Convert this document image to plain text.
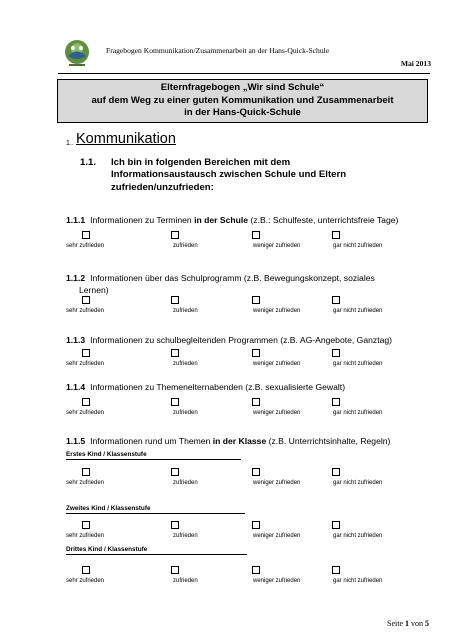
Fragebogen Kommunikation/Zusammenarbeit an der Hans-Quick-Schule
Mai 2013
Elternfragebogen „Wir sind Schule“
auf dem Weg zu einer guten Kommunikation und Zusammenarbeit
in der Hans-Quick-Schule
1.. Kommunikation
1.1. Ich bin in folgenden Bereichen mit dem Informationsaustausch zwischen Schule und Eltern zufrieden/unzufrieden:
1.1.1 Informationen zu Terminen in der Schule (z.B.: Schulfeste, unterrichtsfreie Tage)
sehr zufrieden	zufrieden	weniger zufrieden	gar nicht zufrieden
1.1.2 Informationen über das Schulprogramm (z.B. Bewegungskonzept, soziales
Lernen)
sehr zufrieden	zufrieden	weniger zufrieden	gar nicht zufrieden
1.1.3 Informationen zu schulbegleitenden Programmen (z.B. AG-Angebote, Ganztag)
sehr zufrieden	zufrieden	weniger zufrieden	gar nicht zufrieden
1.1.4 Informationen zu Themenelternabenden (z.B. sexualisierte Gewalt)
sehr zufrieden	zufrieden	weniger zufrieden	gar nicht zufrieden
1.1.5 Informationen rund um Themen in der Klasse (z.B. Unterrichtsinhalte, Regeln)
Erstes Kind / Klassenstufe
sehr zufrieden	zufrieden	weniger zufrieden	gar nicht zufrieden
Zweites Kind / Klassenstufe
sehr zufrieden	zufrieden	weniger zufrieden	gar nicht zufrieden
Drittes Kind / Klassenstufe
sehr zufrieden	zufrieden	weniger zufrieden	gar nicht zufrieden
Seite 1 von 5
